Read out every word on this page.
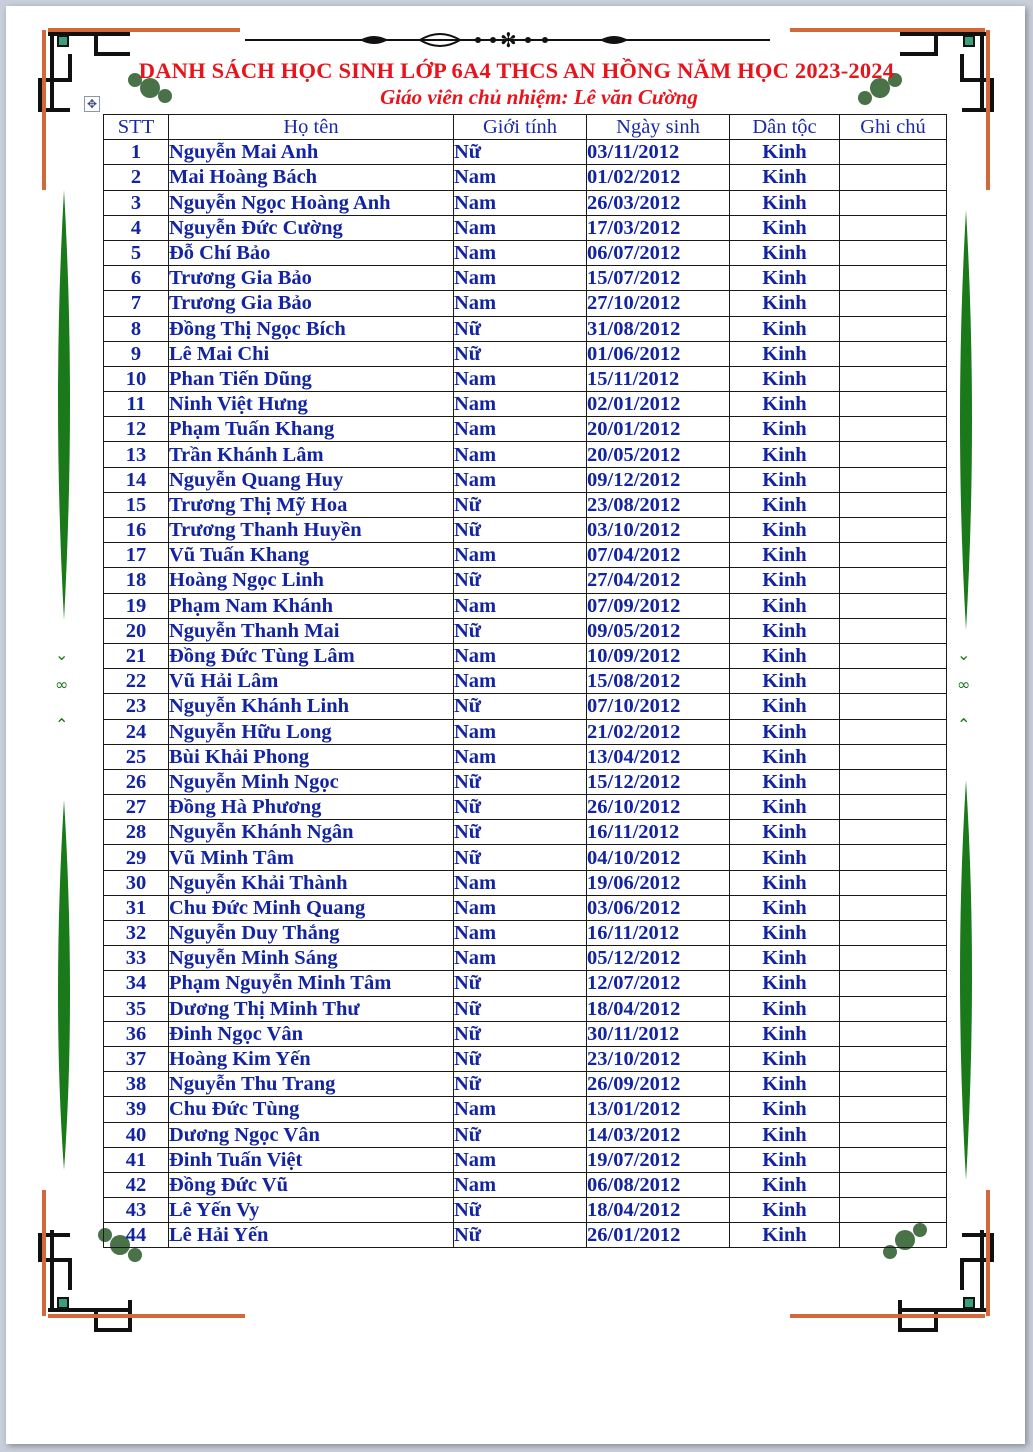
✻
⌄
∞
⌃
⌄
∞
⌃
DANH SÁCH HỌC SINH LỚP 6A4 THCS AN HỒNG NĂM HỌC 2023-2024
Giáo viên chủ nhiệm: Lê văn Cường
✥
STT	Họ tên	Giới tính	Ngày sinh	Dân tộc	Ghi chú
1	Nguyễn Mai Anh	Nữ	03/11/2012	Kinh	
2	Mai Hoàng Bách	Nam	01/02/2012	Kinh	
3	Nguyễn Ngọc Hoàng Anh	Nam	26/03/2012	Kinh	
4	Nguyễn Đức Cường	Nam	17/03/2012	Kinh	
5	Đỗ Chí Bảo	Nam	06/07/2012	Kinh	
6	Trương Gia Bảo	Nam	15/07/2012	Kinh	
7	Trương Gia Bảo	Nam	27/10/2012	Kinh	
8	Đồng Thị Ngọc Bích	Nữ	31/08/2012	Kinh	
9	Lê Mai Chi	Nữ	01/06/2012	Kinh	
10	Phan Tiến Dũng	Nam	15/11/2012	Kinh	
11	Ninh Việt Hưng	Nam	02/01/2012	Kinh	
12	Phạm Tuấn Khang	Nam	20/01/2012	Kinh	
13	Trần Khánh Lâm	Nam	20/05/2012	Kinh	
14	Nguyễn Quang Huy	Nam	09/12/2012	Kinh	
15	Trương Thị Mỹ Hoa	Nữ	23/08/2012	Kinh	
16	Trương Thanh Huyền	Nữ	03/10/2012	Kinh	
17	Vũ Tuấn Khang	Nam	07/04/2012	Kinh	
18	Hoàng Ngọc Linh	Nữ	27/04/2012	Kinh	
19	Phạm Nam Khánh	Nam	07/09/2012	Kinh	
20	Nguyễn Thanh Mai	Nữ	09/05/2012	Kinh	
21	Đồng Đức Tùng Lâm	Nam	10/09/2012	Kinh	
22	Vũ Hải Lâm	Nam	15/08/2012	Kinh	
23	Nguyễn Khánh Linh	Nữ	07/10/2012	Kinh	
24	Nguyễn Hữu Long	Nam	21/02/2012	Kinh	
25	Bùi Khải Phong	Nam	13/04/2012	Kinh	
26	Nguyễn Minh Ngọc	Nữ	15/12/2012	Kinh	
27	Đồng Hà Phương	Nữ	26/10/2012	Kinh	
28	Nguyễn Khánh Ngân	Nữ	16/11/2012	Kinh	
29	Vũ Minh Tâm	Nữ	04/10/2012	Kinh	
30	Nguyễn Khải Thành	Nam	19/06/2012	Kinh	
31	Chu Đức Minh Quang	Nam	03/06/2012	Kinh	
32	Nguyễn Duy Thắng	Nam	16/11/2012	Kinh	
33	Nguyễn Minh Sáng	Nam	05/12/2012	Kinh	
34	Phạm Nguyễn Minh Tâm	Nữ	12/07/2012	Kinh	
35	Dương Thị Minh Thư	Nữ	18/04/2012	Kinh	
36	Đinh Ngọc Vân	Nữ	30/11/2012	Kinh	
37	Hoàng Kim Yến	Nữ	23/10/2012	Kinh	
38	Nguyễn Thu Trang	Nữ	26/09/2012	Kinh	
39	Chu Đức Tùng	Nam	13/01/2012	Kinh	
40	Dương Ngọc Vân	Nữ	14/03/2012	Kinh	
41	Đinh Tuấn Việt	Nam	19/07/2012	Kinh	
42	Đồng Đức Vũ	Nam	06/08/2012	Kinh	
43	Lê Yến Vy	Nữ	18/04/2012	Kinh	
44	Lê Hải Yến	Nữ	26/01/2012	Kinh	
